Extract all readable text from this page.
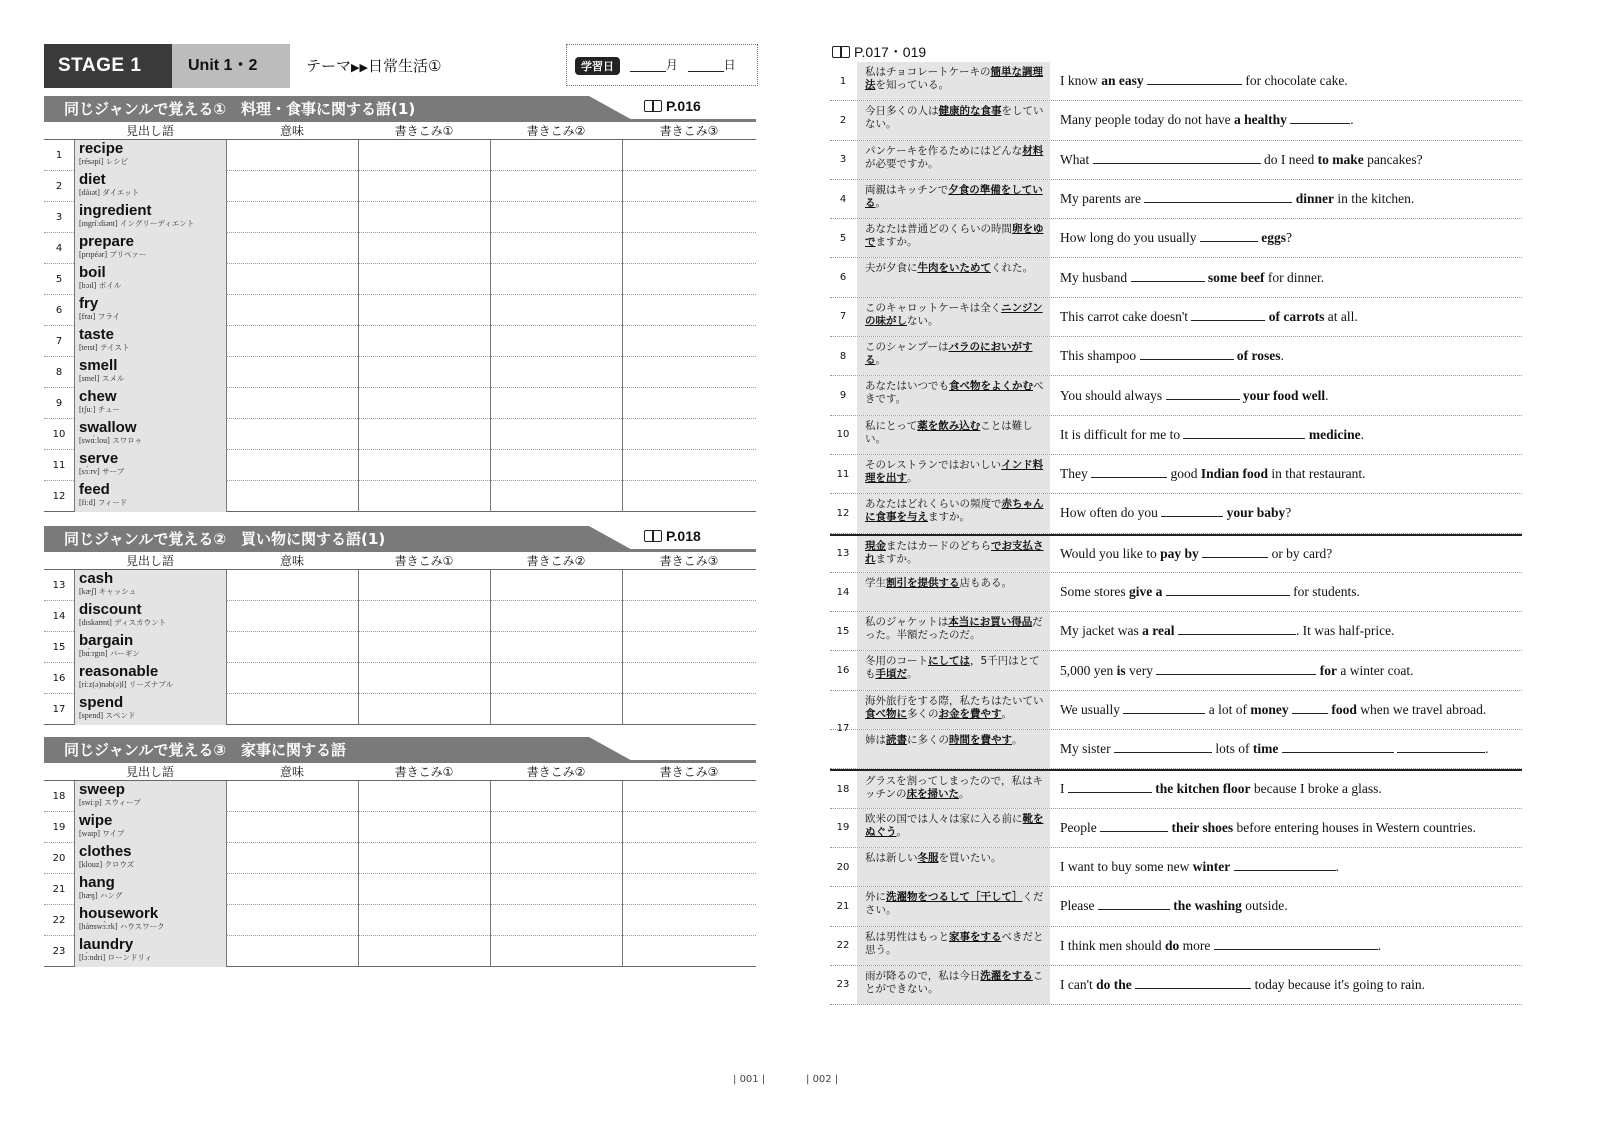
STAGE 1	Unit 1・2	テーマ▶▶日常生活①	学習日	月	日
同じジャンルで覚える①　料理・食事に関する語(1)	P.016
見出し語	意味	書きこみ①	書きこみ②	書きこみ③
1	recipe
[résəpi] レシピ
2	diet
[dáɪət] ダイエット
3	ingredient
[ɪngríːdiənt] イングリーディエント
4	prepare
[prɪpéər] プリペァー
5	boil
[bɔɪl] ボイル
6	fry
[fraɪ] フライ
7	taste
[teɪst] テイスト
8	smell
[smel] スメル
9	chew
[tʃuː] チュー
10 swallow
[swɑ́ːlou] スワロゥ
11 serve
[sɜ́ːrv] サーブ
12 feed
[fiːd] フィード
同じジャンルで覚える②　買い物に関する語(1)	P.018
見出し語	意味	書きこみ①	書きこみ②	書きこみ③
13 cash
[kæʃ] キャッシュ
14 discount
[dɪskaʊnt] ディスカウント
15 bargain
[bɑ́ːrgɪn] バーギン
16 reasonable
[ríːz(ə)nəb(ə)l] リーズナブル
17 spend
[spend] スペンド
同じジャンルで覚える③　家事に関する語
見出し語	意味	書きこみ①	書きこみ②	書きこみ③
18 sweep
[swiːp] スウィープ
19 wipe
[waɪp] ワイプ
20 clothes
[klouz] クロウズ
21 hang
[hæŋ] ハング
22 housework
[háʊswɜ̀ːrk] ハウスワーク
23 laundry
[lɔ́ːndri] ローンドリィ
P.017・019
1
私はチョコレートケーキの簡単な調理法を知っている。	I know an easy	for chocolate cake.
2
今日多くの人は健康的な食事をしていない。	Many people today do not have a healthy	.
3
パンケーキを作るためにはどんな材料が必要ですか。	What	do I need to make pancakes?
4
両親はキッチンで夕食の準備をしている。	My parents are	dinner in the kitchen.
5
あなたは普通どのくらいの時間卵をゆでますか。	How long do you usually	eggs?
6
夫が夕食に牛肉をいためてくれた。
My husband	some beef for dinner.
7
このキャロットケーキは全くニンジンの味がしない。	This carrot cake doesn't	of carrots at all.
8
このシャンプーはバラのにおいがする。	This shampoo	of roses.
9
あなたはいつでも食べ物をよくかむべきです。	You should always	your food well.
10
私にとって薬を飲み込むことは難しい。	It is difficult for me to	medicine.
11
そのレストランではおいしいインド料理を出す。	They	good Indian food in that restaurant.
12
あなたはどれくらいの頻度で赤ちゃんに食事を与えますか。	How often do you	your baby?
13
現金またはカードのどちらでお支払されますか。	Would you like to pay by	or by card?
14
学生割引を提供する店もある。
Some stores give a	for students.
15
私のジャケットは本当にお買い得品だった。半額だったのだ。	My jacket was a real	. It was half-price.
16
冬用のコートにしては，5千円はとても手頃だ。	5,000 yen is very	for a winter coat.
17
海外旅行をする際，私たちはたいてい食べ物に多くのお金を費やす。	We usually	a lot of money	food when we travel abroad.
姉は読書に多くの時間を費やす。
My sister	lots of time	.
18
グラスを割ってしまったので，私はキッチンの床を掃いた。	I	the kitchen floor because I broke a glass.
19
欧米の国では人々は家に入る前に靴をぬぐう。	People	their shoes before entering houses in Western countries.
20
私は新しい冬服を買いたい。
I want to buy some new winter	.
21
外に洗濯物をつるして［干して］ください。	Please	the washing outside.
22
私は男性はもっと家事をするべきだと思う。	I think men should do more	.
23
雨が降るので，私は今日洗濯をすることができない。	I can't do the	today because it's going to rain.
| 001 |	| 002 |
